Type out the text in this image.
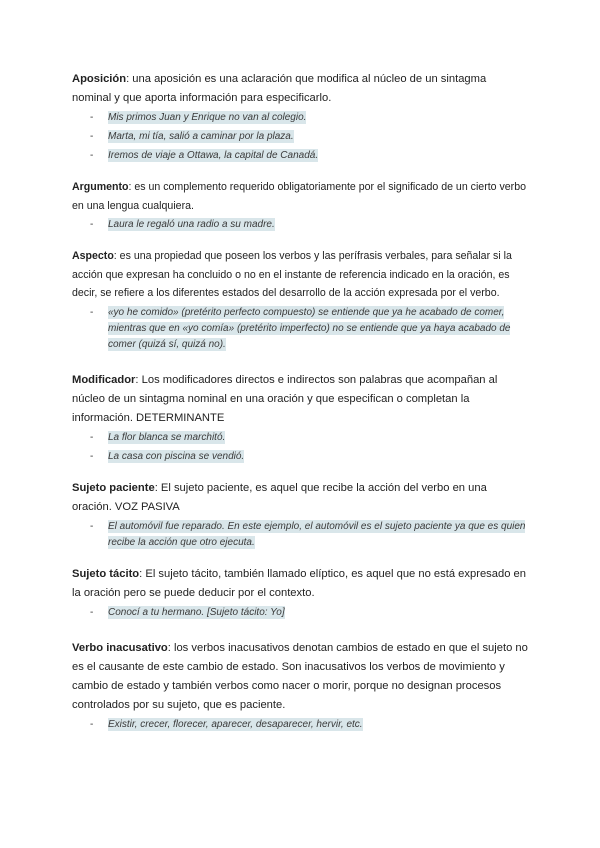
Aposición: una aposición es una aclaración que modifica al núcleo de un sintagma nominal y que aporta información para especificarlo.

- Mis primos Juan y Enrique no van al colegio.
- Marta, mi tía, salió a caminar por la plaza.
- Iremos de viaje a Ottawa, la capital de Canadá.

Argumento: es un complemento requerido obligatoriamente por el significado de un cierto verbo en una lengua cualquiera.

- Laura le regaló una radio a su madre.

Aspecto: es una propiedad que poseen los verbos y las perífrasis verbales, para señalar si la acción que expresan ha concluido o no en el instante de referencia indicado en la oración, es decir, se refiere a los diferentes estados del desarrollo de la acción expresada por el verbo.

- «yo he comido» (pretérito perfecto compuesto) se entiende que ya he acabado de comer, mientras que en «yo comía» (pretérito imperfecto) no se entiende que ya haya acabado de comer (quizá sí, quizá no).

Modificador: Los modificadores directos e indirectos son palabras que acompañan al núcleo de un sintagma nominal en una oración y que especifican o completan la información. DETERMINANTE

- La flor blanca se marchitó.
- La casa con piscina se vendió.

Sujeto paciente: El sujeto paciente, es aquel que recibe la acción del verbo en una oración. VOZ PASIVA

- El automóvil fue reparado. En este ejemplo, el automóvil es el sujeto paciente ya que es quien recibe la acción que otro ejecuta.

Sujeto tácito: El sujeto tácito, también llamado elíptico, es aquel que no está expresado en la oración pero se puede deducir por el contexto.

- Conocí a tu hermano. [Sujeto tácito: Yo]

Verbo inacusativo: los verbos inacusativos denotan cambios de estado en que el sujeto no es el causante de este cambio de estado. Son inacusativos los verbos de movimiento y cambio de estado y también verbos como nacer o morir, porque no designan procesos controlados por su sujeto, que es paciente.

- Existir, crecer, florecer, aparecer, desaparecer, hervir, etc.
